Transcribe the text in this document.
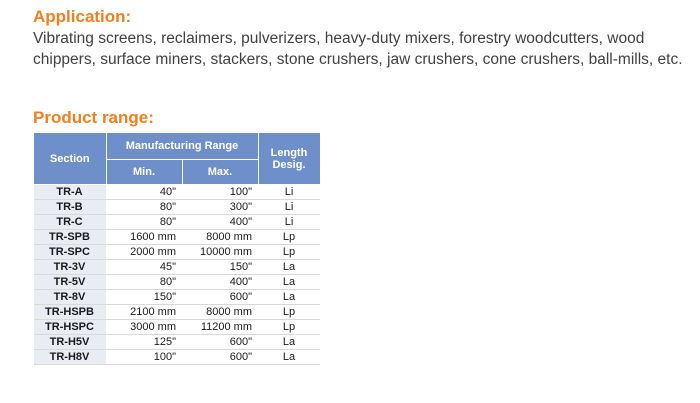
Application:

Vibrating screens, reclaimers, pulverizers, heavy-duty mixers, forestry woodcutters, wood chippers, surface miners, stackers, stone crushers, jaw crushers, cone crushers, ball-mills, etc.

Product range:
Section	Manufacturing Range		Length Desig.
	Min.	Max.	
TR-A	40"	100"	Li
TR-B	80"	300"	Li
TR-C	80"	400"	Li
TR-SPB	1600 mm	8000 mm	Lp
TR-SPC	2000 mm	10000 mm	Lp
TR-3V	45"	150"	La
TR-5V	80"	400"	La
TR-8V	150"	600"	La
TR-HSPB	2100 mm	8000 mm	Lp
TR-HSPC	3000 mm	11200 mm	Lp
TR-H5V	125"	600"	La
TR-H8V	100"	600"	La
